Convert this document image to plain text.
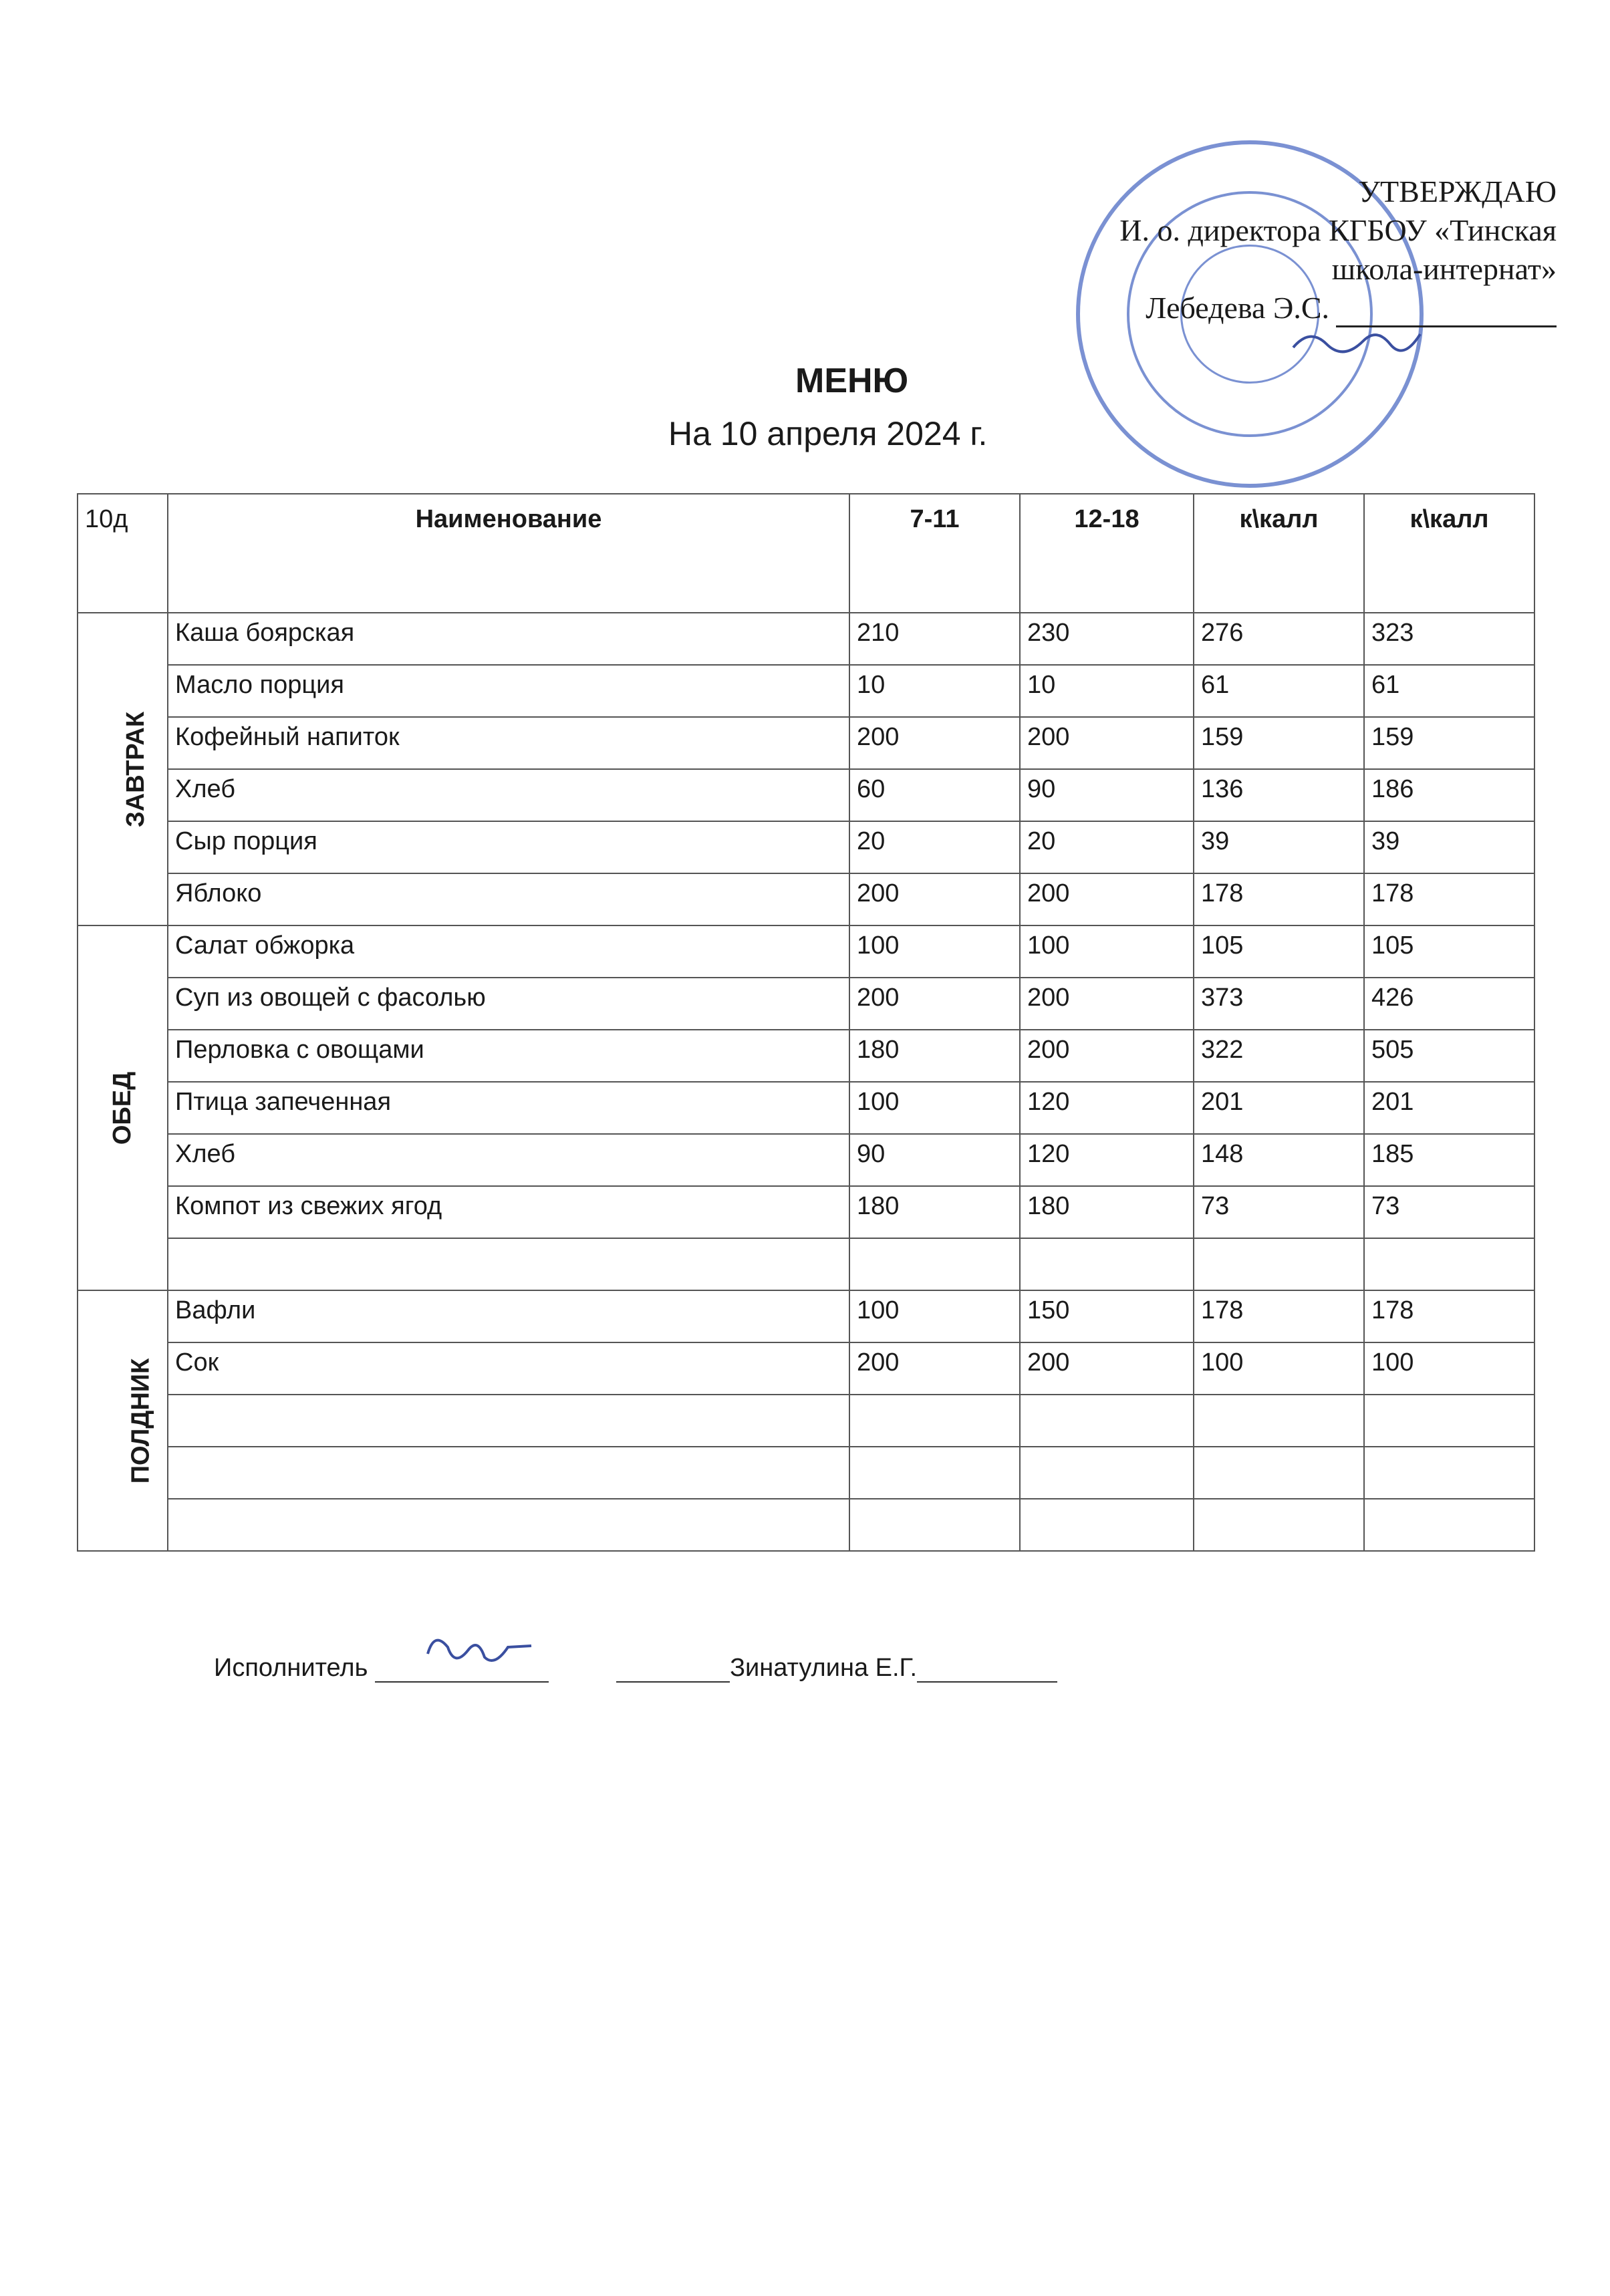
УТВЕРЖДАЮ
И. о. директора КГБОУ «Тинская
школа-интернат»
Лебедева Э.С.
МЕНЮ
На 10 апреля 2024 г.
10д	Наименование	7-11	12-18	к\калл	к\калл
ЗАВТРАК	Каша боярская	210	230	276	323
	Масло порция	10	10	61	61
	Кофейный напиток	200	200	159	159
	Хлеб	60	90	136	186
	Сыр порция	20	20	39	39
	Яблоко	200	200	178	178
ОБЕД	Салат обжорка	100	100	105	105
	Суп из овощей с фасолью	200	200	373	426
	Перловка с овощами	180	200	322	505
	Птица запеченная	100	120	201	201
	Хлеб	90	120	148	185
	Компот из свежих ягод	180	180	73	73

ПОЛДНИК	Вафли	100	150	178	178
	Сок	200	200	100	100

Исполнитель	Зинатулина Е.Г.
